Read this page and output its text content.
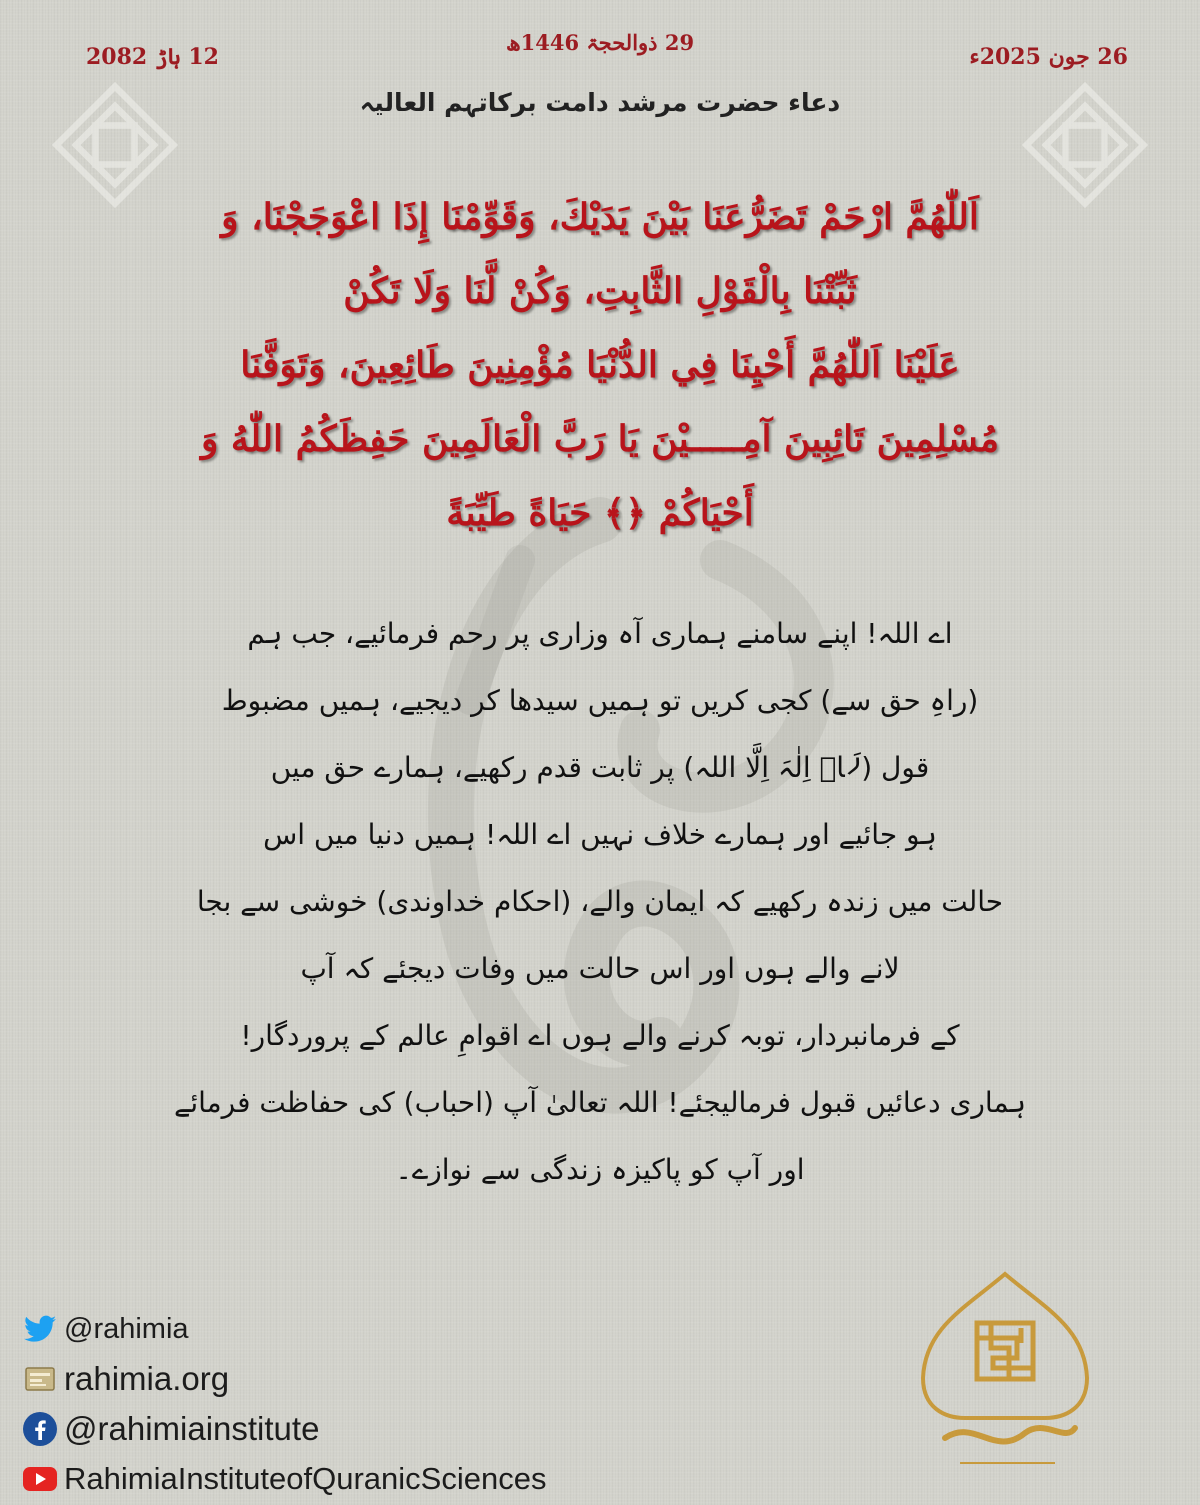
29 ذوالحجۃ 1446ھ
26 جون 2025ء
12 ہاڑ 2082
دعاء حضرت مرشد دامت برکاتہم العالیہ
اَللّٰهُمَّ ارْحَمْ تَضَرُّعَنَا بَيْنَ يَدَيْكَ، وَقَوِّمْنَا إِذَا اعْوَجَجْنَا، وَ
ثَبِّتْنَا بِالْقَوْلِ الثَّابِتِ، وَكُنْ لَّنَا وَلَا تَكُنْ
عَلَيْنَا اَللّٰهُمَّ أَحْيِنَا فِي الدُّنْيَا مُؤْمِنِينَ طَائِعِينَ، وَتَوَفَّنَا
مُسْلِمِينَ تَائِبِينَ آمِـــــيْنَ يَا رَبَّ الْعَالَمِينَ حَفِظَكُمُ اللّٰهُ وَ
أَحْيَاكُمْ ﴿﴾ حَيَاةً طَيِّبَةً
اے اللہ! اپنے سامنے ہماری آہ وزاری پر رحم فرمائیے، جب ہم
(راہِ حق سے) کجی کریں تو ہمیں سیدھا کر دیجیے، ہمیں مضبوط
قول (لَاۤ اِلٰہَ اِلَّا اللہ) پر ثابت قدم رکھیے، ہمارے حق میں
ہو جائیے اور ہمارے خلاف نہیں اے اللہ! ہمیں دنیا میں اس
حالت میں زندہ رکھیے کہ ایمان والے، (احکام خداوندی) خوشی سے بجا
لانے والے ہوں اور اس حالت میں وفات دیجئے کہ آپ
کے فرمانبردار، توبہ کرنے والے ہوں اے اقوامِ عالم کے پروردگار!
ہماری دعائیں قبول فرمالیجئے! اللہ تعالیٰ آپ (احباب) کی حفاظت فرمائے
اور آپ کو پاکیزہ زندگی سے نوازے۔
@rahimia
rahimia.org
@rahimiainstitute
RahimiaInstituteofQuranicSciences
